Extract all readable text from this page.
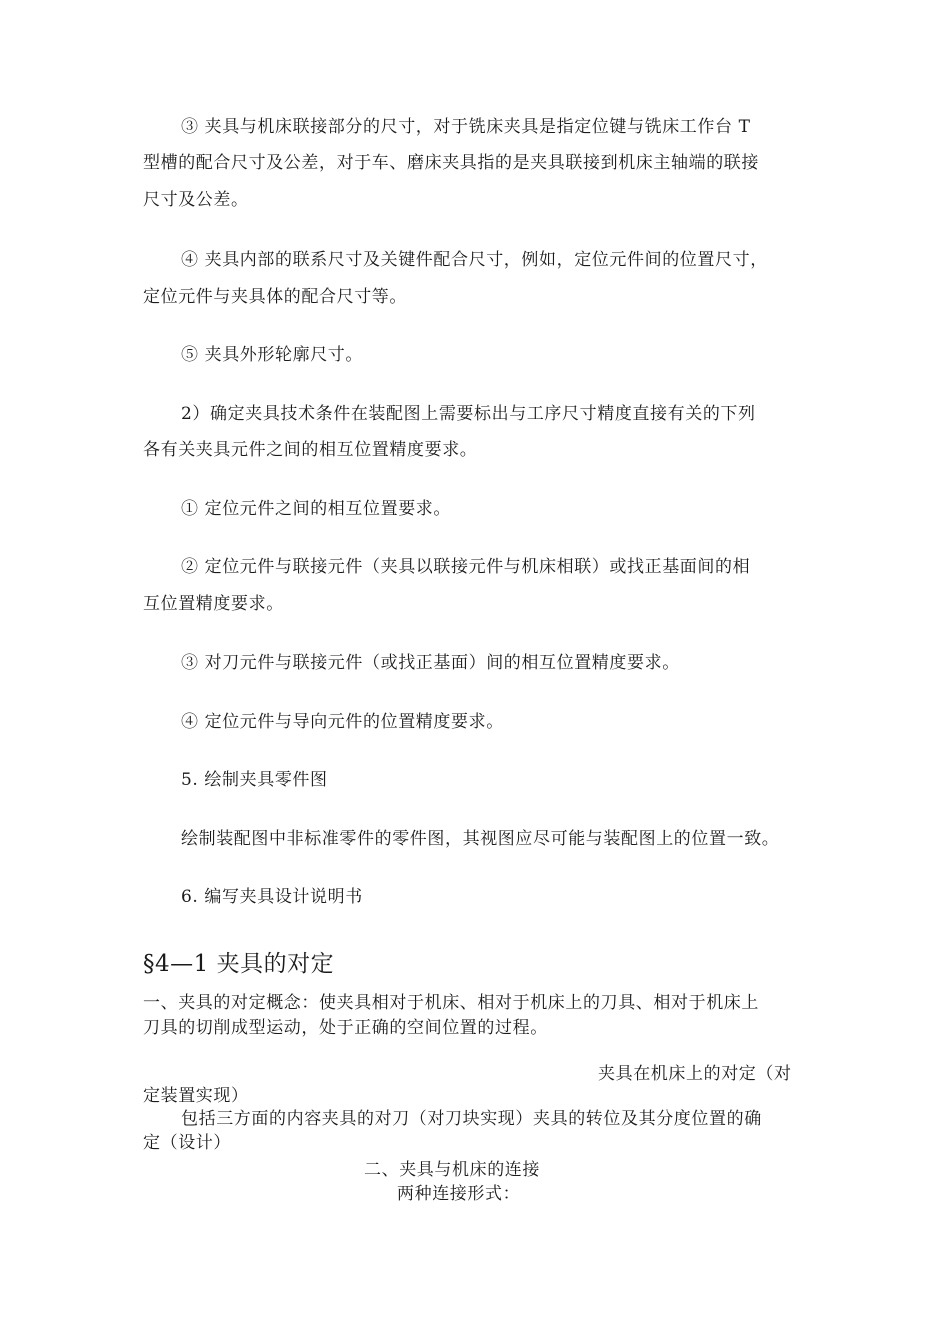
③ 夹具与机床联接部分的尺寸，对于铣床夹具是指定位键与铣床工作台 T
型槽的配合尺寸及公差，对于车、磨床夹具指的是夹具联接到机床主轴端的联接
尺寸及公差。
④ 夹具内部的联系尺寸及关键件配合尺寸，例如，定位元件间的位置尺寸，
定位元件与夹具体的配合尺寸等。
⑤ 夹具外形轮廓尺寸。
2）确定夹具技术条件在装配图上需要标出与工序尺寸精度直接有关的下列
各有关夹具元件之间的相互位置精度要求。
① 定位元件之间的相互位置要求。
② 定位元件与联接元件（夹具以联接元件与机床相联）或找正基面间的相
互位置精度要求。
③ 对刀元件与联接元件（或找正基面）间的相互位置精度要求。
④ 定位元件与导向元件的位置精度要求。
5. 绘制夹具零件图
绘制装配图中非标准零件的零件图，其视图应尽可能与装配图上的位置一致。
6. 编写夹具设计说明书
§4—1 夹具的对定
一、夹具的对定概念：使夹具相对于机床、相对于机床上的刀具、相对于机床上
刀具的切削成型运动，处于正确的空间位置的过程。
夹具在机床上的对定（对
定装置实现）
包括三方面的内容夹具的对刀（对刀块实现）夹具的转位及其分度位置的确
定（设计）
二、夹具与机床的连接
两种连接形式：
